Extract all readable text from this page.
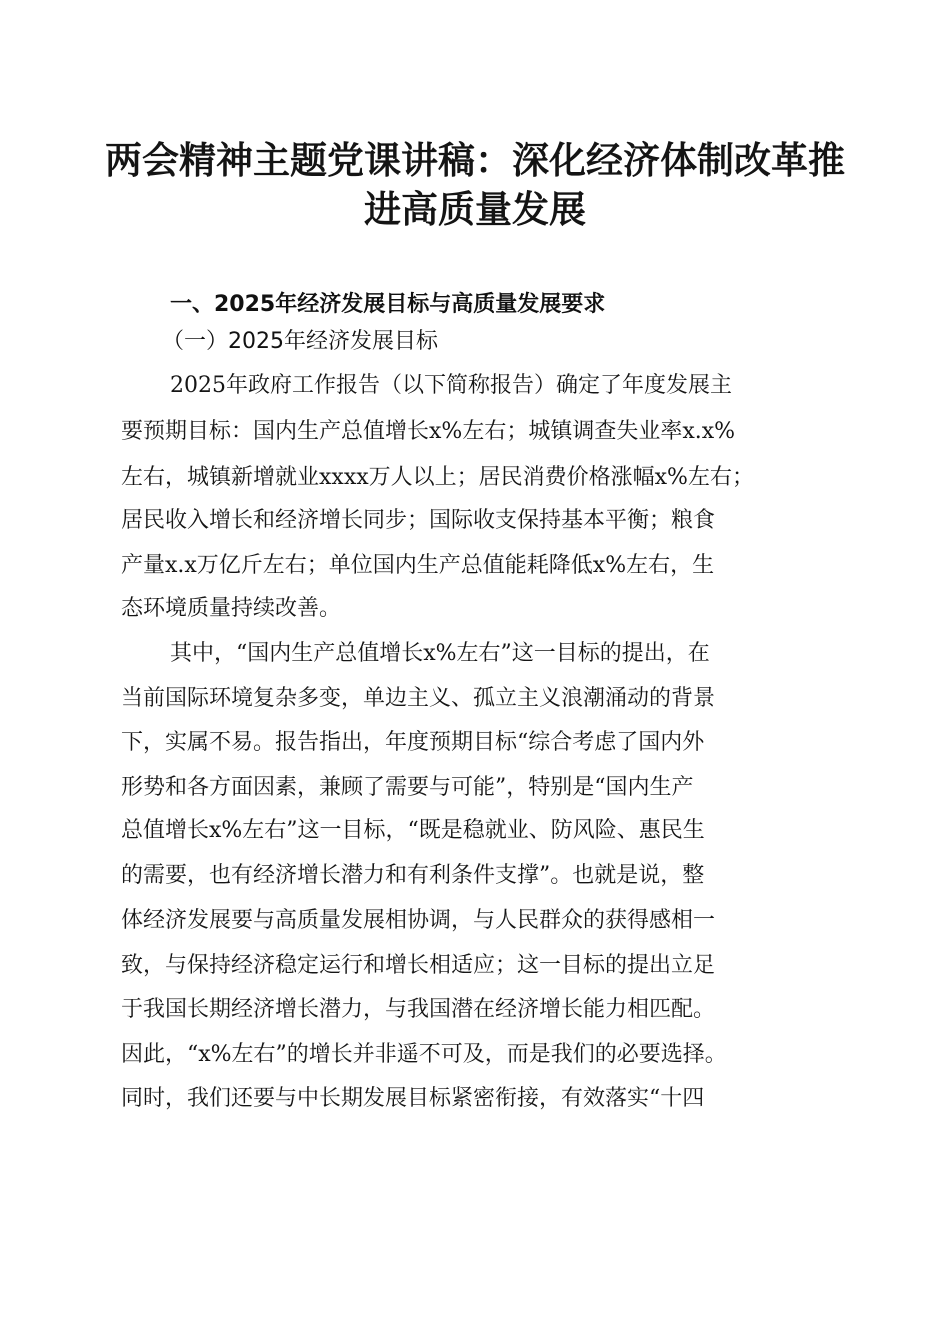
两会精神主题党课讲稿：深化经济体制改革推
进高质量发展
一、2025年经济发展目标与高质量发展要求
（一）2025年经济发展目标
2025年政府工作报告（以下简称报告）确定了年度发展主
要预期目标：国内生产总值增长x%左右；城镇调查失业率x.x%
左右，城镇新增就业xxxx万人以上；居民消费价格涨幅x%左右；
居民收入增长和经济增长同步；国际收支保持基本平衡；粮食
产量x.x万亿斤左右；单位国内生产总值能耗降低x%左右，生
态环境质量持续改善。
其中，“国内生产总值增长x%左右”这一目标的提出，在
当前国际环境复杂多变，单边主义、孤立主义浪潮涌动的背景
下，实属不易。报告指出，年度预期目标“综合考虑了国内外
形势和各方面因素，兼顾了需要与可能”，特别是“国内生产
总值增长x%左右”这一目标，“既是稳就业、防风险、惠民生
的需要，也有经济增长潜力和有利条件支撑”。也就是说，整
体经济发展要与高质量发展相协调，与人民群众的获得感相一
致，与保持经济稳定运行和增长相适应；这一目标的提出立足
于我国长期经济增长潜力，与我国潜在经济增长能力相匹配。
因此，“x%左右”的增长并非遥不可及，而是我们的必要选择。
同时，我们还要与中长期发展目标紧密衔接，有效落实“十四
